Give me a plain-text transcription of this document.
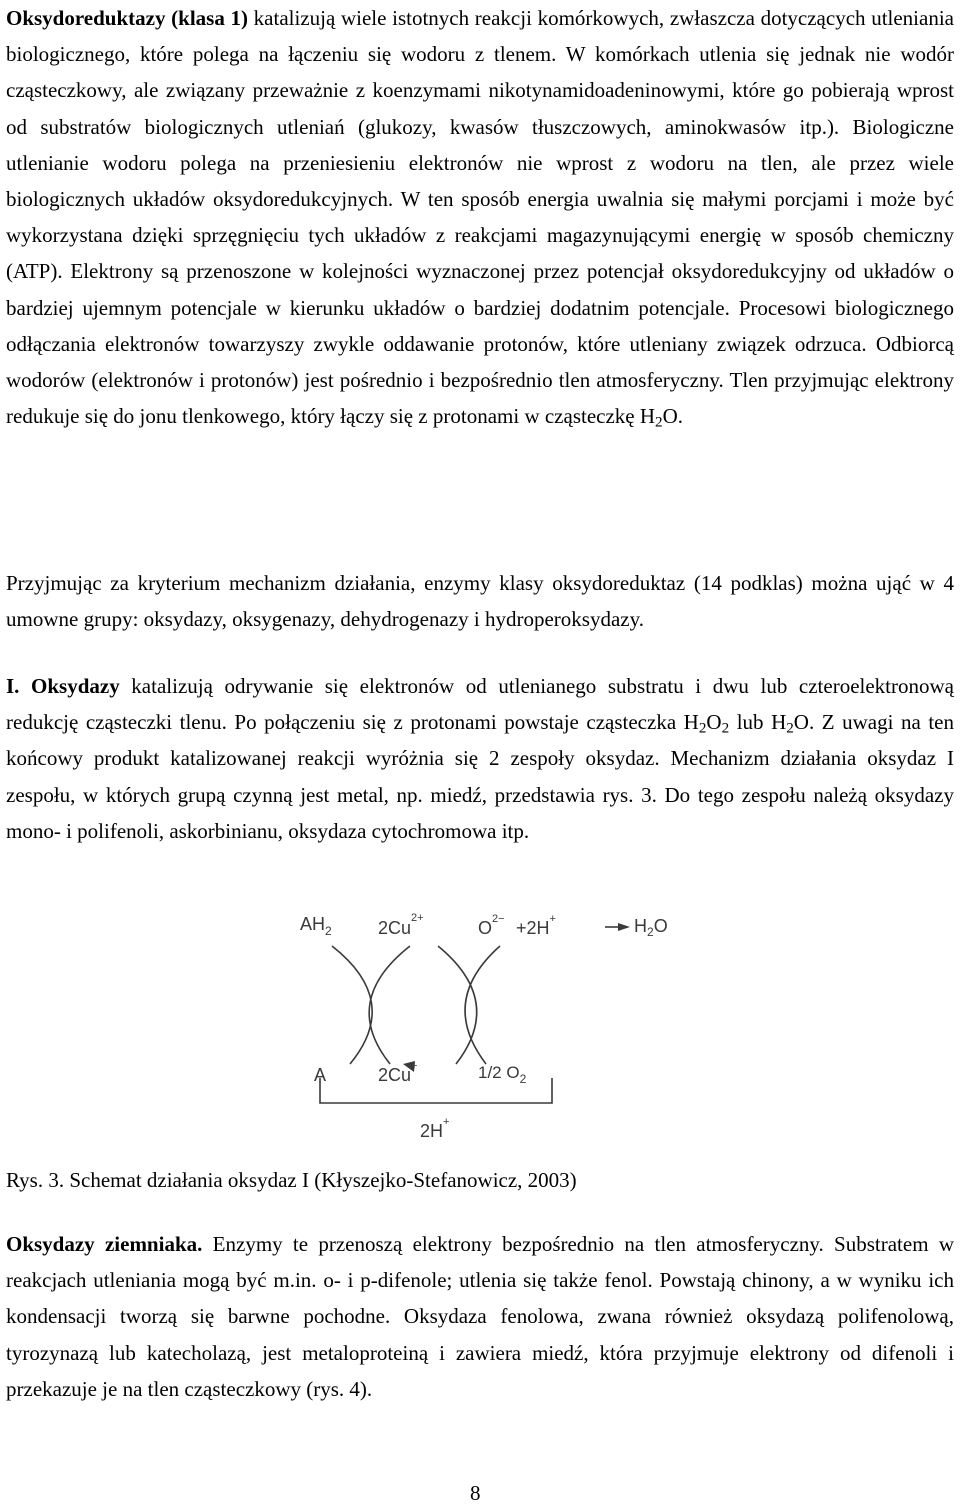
Oksydoreduktazy (klasa 1) katalizują wiele istotnych reakcji komórkowych, zwłaszcza dotyczących utleniania biologicznego, które polega na łączeniu się wodoru z tlenem. W komórkach utlenia się jednak nie wodór cząsteczkowy, ale związany przeważnie z koenzymami nikotynamidoadeninowymi, które go pobierają wprost od substratów biologicznych utleniań (glukozy, kwasów tłuszczowych, aminokwasów itp.). Biologiczne utlenianie wodoru polega na przeniesieniu elektronów nie wprost z wodoru na tlen, ale przez wiele biologicznych układów oksydoredukcyjnych. W ten sposób energia uwalnia się małymi porcjami i może być wykorzystana dzięki sprzęgnięciu tych układów z reakcjami magazynującymi energię w sposób chemiczny (ATP). Elektrony są przenoszone w kolejności wyznaczonej przez potencjał oksydoredukcyjny od układów o bardziej ujemnym potencjale w kierunku układów o bardziej dodatnim potencjale. Procesowi biologicznego odłączania elektronów towarzyszy zwykle oddawanie protonów, które utleniany związek odrzuca. Odbiorcą wodorów (elektronów i protonów) jest pośrednio i bezpośrednio tlen atmosferyczny. Tlen przyjmując elektrony redukuje się do jonu tlenkowego, który łączy się z protonami w cząsteczkę $H_2O$.

Przyjmując za kryterium mechanizm działania, enzymy klasy oksydoreduktaz (14 podklas) można ująć w 4 umowne grupy: oksydazy, oksygenazy, dehydrogenazy i hydroperoksydazy.

I. Oksydazy katalizują odrywanie się elektronów od utlenianego substratu i dwu lub czteroelektronową redukcję cząsteczki tlenu. Po połączeniu się z protonami powstaje cząsteczka $H_2O_2$ lub $H_2O$. Z uwagi na ten końcowy produkt katalizowanej reakcji wyróżnia się 2 zespoły oksydaz. Mechanizm działania oksydaz I zespołu, w których grupą czynną jest metal, np. miedź, przedstawia rys. 3. Do tego zespołu należą oksydazy mono- i polifenoli, askorbinianu, oksydaza cytochromowa itp.

$AH_2$	$2Cu^{2+}$	$O^{2-} +2H^+$	$H_2O$
A	2Cu+	1/2 $O_2$
2H+

Rys. 3. Schemat działania oksydaz I (Kłyszejko-Stefanowicz, 2003)

Oksydazy ziemniaka. Enzymy te przenoszą elektrony bezpośrednio na tlen atmosferyczny. Substratem w reakcjach utleniania mogą być m.in. o- i p-difenole; utlenia się także fenol. Powstają chinony, a w wyniku ich kondensacji tworzą się barwne pochodne. Oksydaza fenolowa, zwana również oksydazą polifenolową, tyrozynazą lub katecholazą, jest metaloproteiną i zawiera miedź, która przyjmuje elektrony od difenoli i przekazuje je na tlen cząsteczkowy (rys. 4).

8
